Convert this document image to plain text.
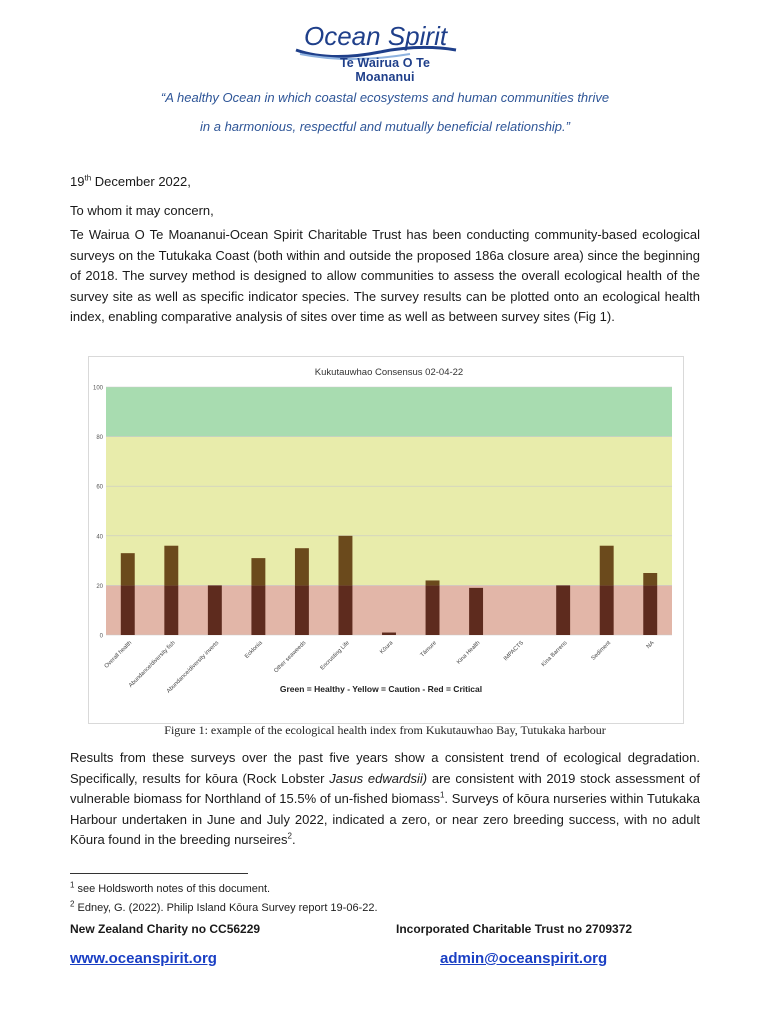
Ocean Spirit
Te Wairua O Te Moananui
“A healthy Ocean in which coastal ecosystems and human communities thrive
in a harmonious, respectful and mutually beneficial relationship.”
19th December 2022,
To whom it may concern,
Te Wairua O Te Moananui-Ocean Spirit Charitable Trust has been conducting community-based ecological surveys on the Tutukaka Coast (both within and outside the proposed 186a closure area) since the beginning of 2018. The survey method is designed to allow communities to assess the overall ecological health of the survey site as well as specific indicator species. The survey results can be plotted onto an ecological health index, enabling comparative analysis of sites over time as well as between survey sites (Fig 1).
Kukutauwhao Consensus 02-04-22
0
20
40
60
80
100
Overall health
Abundance/diversity fish
Abundance/diversity inverts	Ecklonia Other seaweeds Encrusting Life	Kōura	Tāmure	Kina Health	IMPACTS	Kina Barrens	Sediment	NA
Green = Healthy - Yellow = Caution - Red = Critical
Figure 1: example of the ecological health index from Kukutauwhao Bay, Tutukaka harbour
Results from these surveys over the past five years show a consistent trend of ecological degradation. Specifically, results for kōura (Rock Lobster Jasus edwardsii) are consistent with 2019 stock assessment of vulnerable biomass for Northland of 15.5% of un-fished biomass$^1$. Surveys of kōura nurseries within Tutukaka Harbour undertaken in June and July 2022, indicated a zero, or near zero breeding success, with no adult Kōura found in the breeding nurseires$^2$.
$^1$ see Holdsworth notes of this document.
$^2$ Edney, G. (2022). Philip Island Kōura Survey report 19-06-22.
New Zealand Charity no CC56229	Incorporated Charitable Trust no 2709372
www.oceanspirit.org	admin@oceanspirit.org
